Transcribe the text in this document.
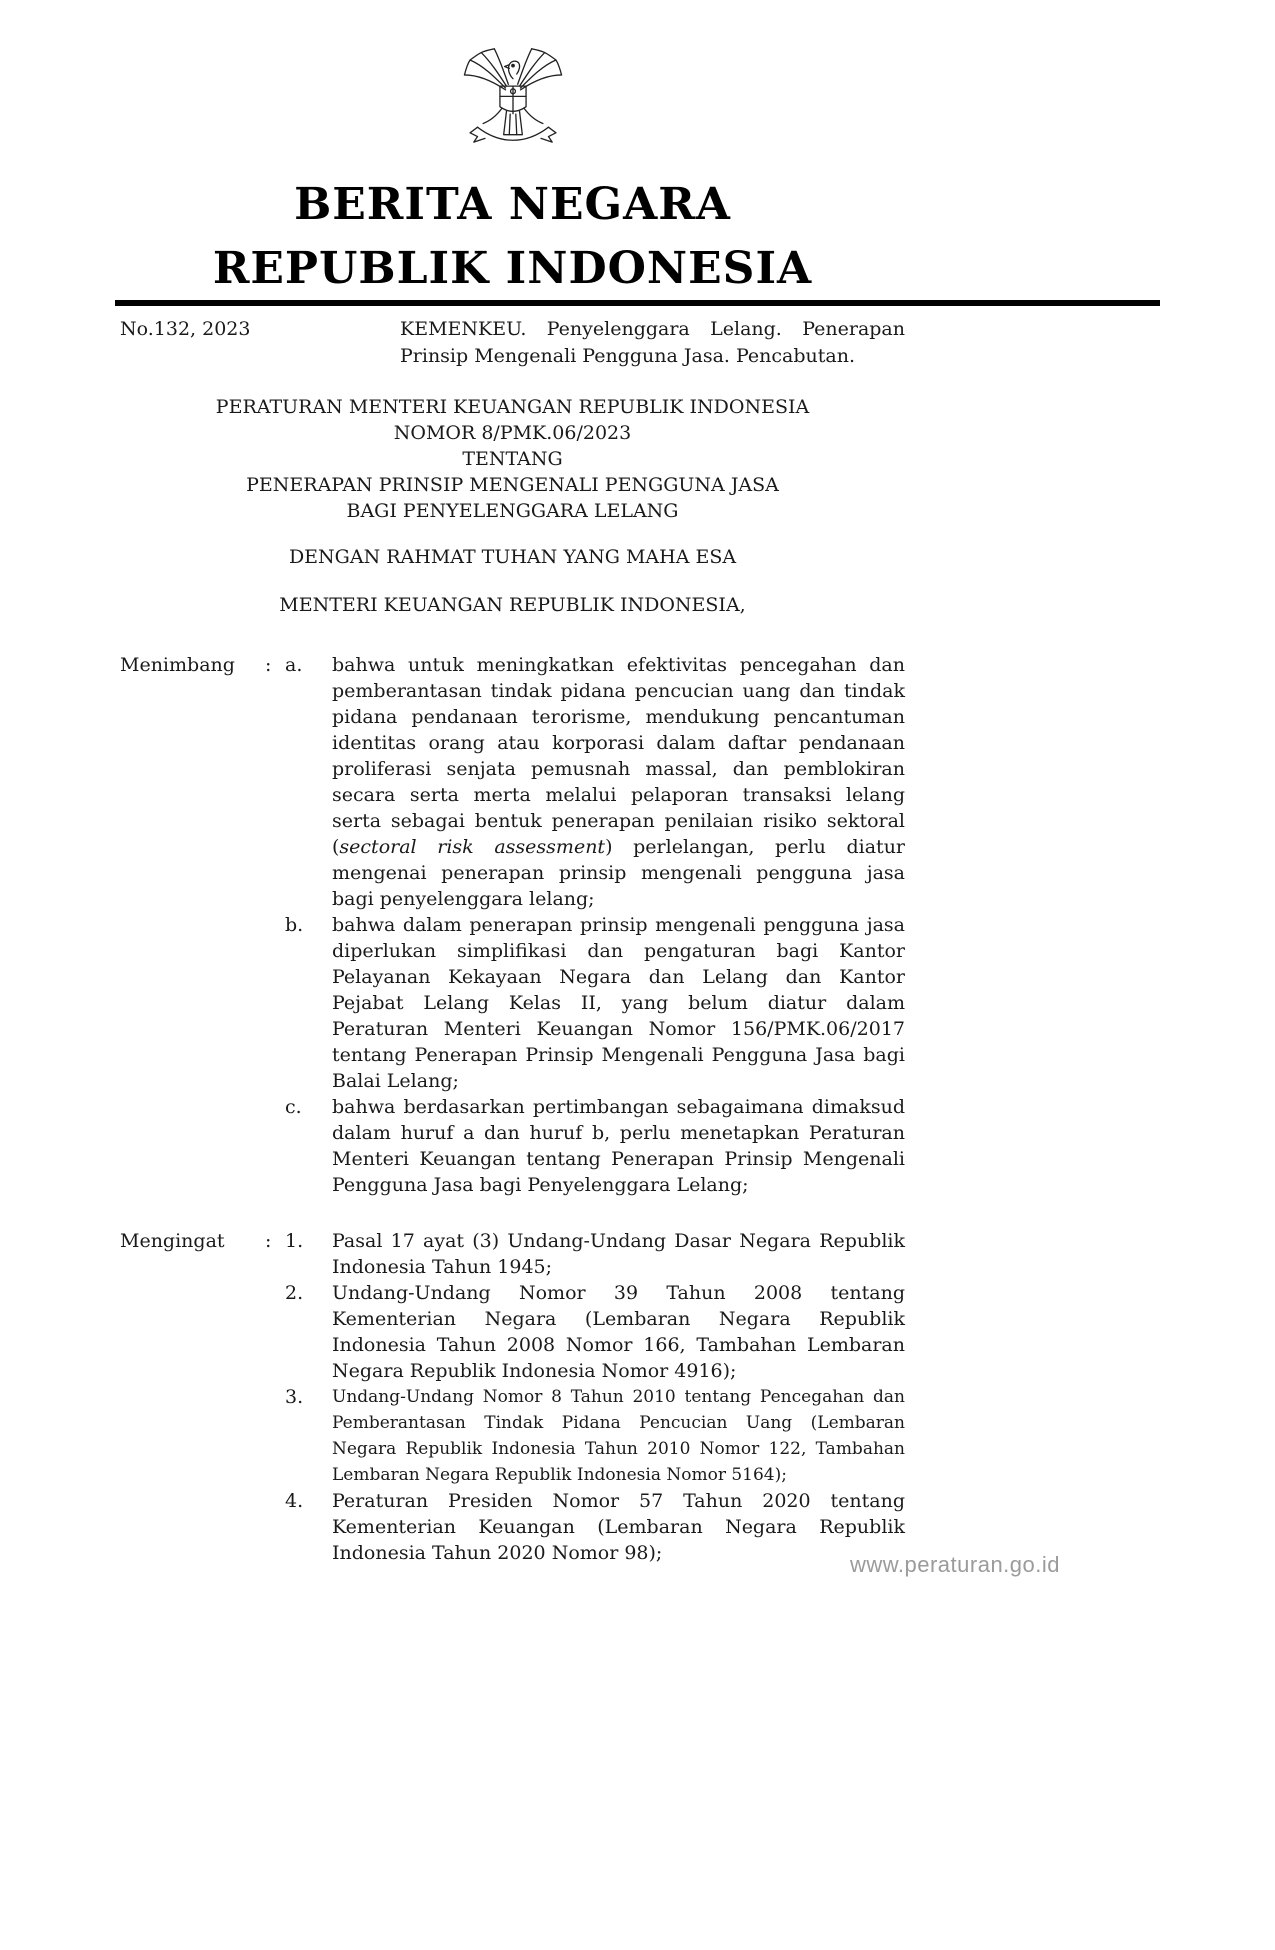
BERITA NEGARA
REPUBLIK INDONESIA
No.132, 2023	KEMENKEU. Penyelenggara Lelang. Penerapan Prinsip Mengenali Pengguna Jasa. Pencabutan.
PERATURAN MENTERI KEUANGAN REPUBLIK INDONESIA
NOMOR 8/PMK.06/2023
TENTANG
PENERAPAN PRINSIP MENGENALI PENGGUNA JASA
BAGI PENYELENGGARA LELANG
DENGAN RAHMAT TUHAN YANG MAHA ESA
MENTERI KEUANGAN REPUBLIK INDONESIA,
Menimbang	: a.	bahwa untuk meningkatkan efektivitas pencegahan dan pemberantasan tindak pidana pencucian uang dan tindak pidana pendanaan terorisme, mendukung pencantuman identitas orang atau korporasi dalam daftar pendanaan proliferasi senjata pemusnah massal, dan pemblokiran secara serta merta melalui pelaporan transaksi lelang serta sebagai bentuk penerapan penilaian risiko sektoral (sectoral risk assessment) perlelangan, perlu diatur mengenai penerapan prinsip mengenali pengguna jasa bagi penyelenggara lelang;
b.	bahwa dalam penerapan prinsip mengenali pengguna jasa diperlukan simplifikasi dan pengaturan bagi Kantor Pelayanan Kekayaan Negara dan Lelang dan Kantor Pejabat Lelang Kelas II, yang belum diatur dalam Peraturan Menteri Keuangan Nomor 156/PMK.06/2017 tentang Penerapan Prinsip Mengenali Pengguna Jasa bagi Balai Lelang;
c.	bahwa berdasarkan pertimbangan sebagaimana dimaksud dalam huruf a dan huruf b, perlu menetapkan Peraturan Menteri Keuangan tentang Penerapan Prinsip Mengenali Pengguna Jasa bagi Penyelenggara Lelang;
Mengingat	: 1.	Pasal 17 ayat (3) Undang-Undang Dasar Negara Republik Indonesia Tahun 1945;
2.	Undang-Undang Nomor 39 Tahun 2008 tentang Kementerian Negara (Lembaran Negara Republik Indonesia Tahun 2008 Nomor 166, Tambahan Lembaran Negara Republik Indonesia Nomor 4916);
3.	Undang-Undang Nomor 8 Tahun 2010 tentang Pencegahan dan Pemberantasan Tindak Pidana Pencucian Uang (Lembaran Negara Republik Indonesia Tahun 2010 Nomor 122, Tambahan Lembaran Negara Republik Indonesia Nomor 5164);
4.	Peraturan Presiden Nomor 57 Tahun 2020 tentang Kementerian Keuangan (Lembaran Negara Republik Indonesia Tahun 2020 Nomor 98);	www.peraturan.go.id
